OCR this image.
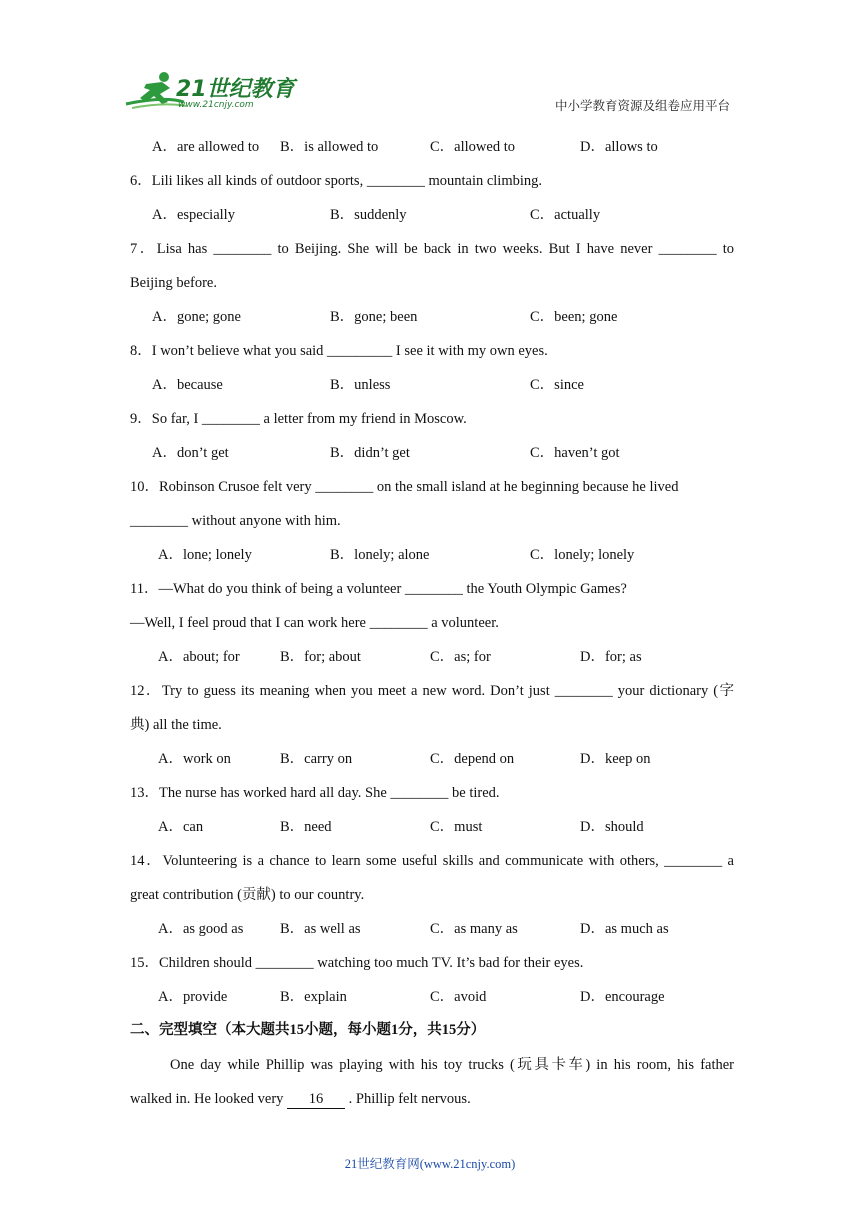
21世纪教育
www.21cnjy.com	中小学教育资源及组卷应用平台
A．are allowed to B．is allowed to	C．allowed to	D．allows to
6．Lili likes all kinds of outdoor sports, ________ mountain climbing.
A．especially	B．suddenly	C．actually
7．Lisa has ________ to Beijing. She will be back in two weeks. But I have never ________ to
Beijing before.
A．gone; gone	B．gone; been	C．been; gone
8．I won’t believe what you said _________ I see it with my own eyes.
A．because	B．unless	C．since
9．So far, I ________ a letter from my friend in Moscow.
A．don’t get	B．didn’t get	C．haven’t got
10．Robinson Crusoe felt very ________ on the small island at he beginning because he lived
________ without anyone with him.
A．lone; lonely	B．lonely; alone	C．lonely; lonely
11．—What do you think of being a volunteer ________ the Youth Olympic Games?
—Well, I feel proud that I can work here ________ a volunteer.
A．about; for	B．for; about	C．as; for	D．for; as
12．Try to guess its meaning when you meet a new word. Don’t just ________ your dictionary (字
典) all the time.
A．work on	B．carry on	C．depend on	D．keep on
13．The nurse has worked hard all day. She ________ be tired.
A．can	B．need	C．must	D．should
14．Volunteering is a chance to learn some useful skills and communicate with others, ________ a
great contribution (贡献) to our country.
A．as good as	B．as well as	C．as many as	D．as much as
15．Children should ________ watching too much TV. It’s bad for their eyes.
A．provide	B．explain	C．avoid	D．encourage
二、完型填空（本大题共15小题，每小题1分，共15分）
One day while Phillip was playing with his toy trucks (玩具卡车) in his room, his father
walked in. He looked very 16 . Phillip felt nervous.
21世纪教育网(www.21cnjy.com)
